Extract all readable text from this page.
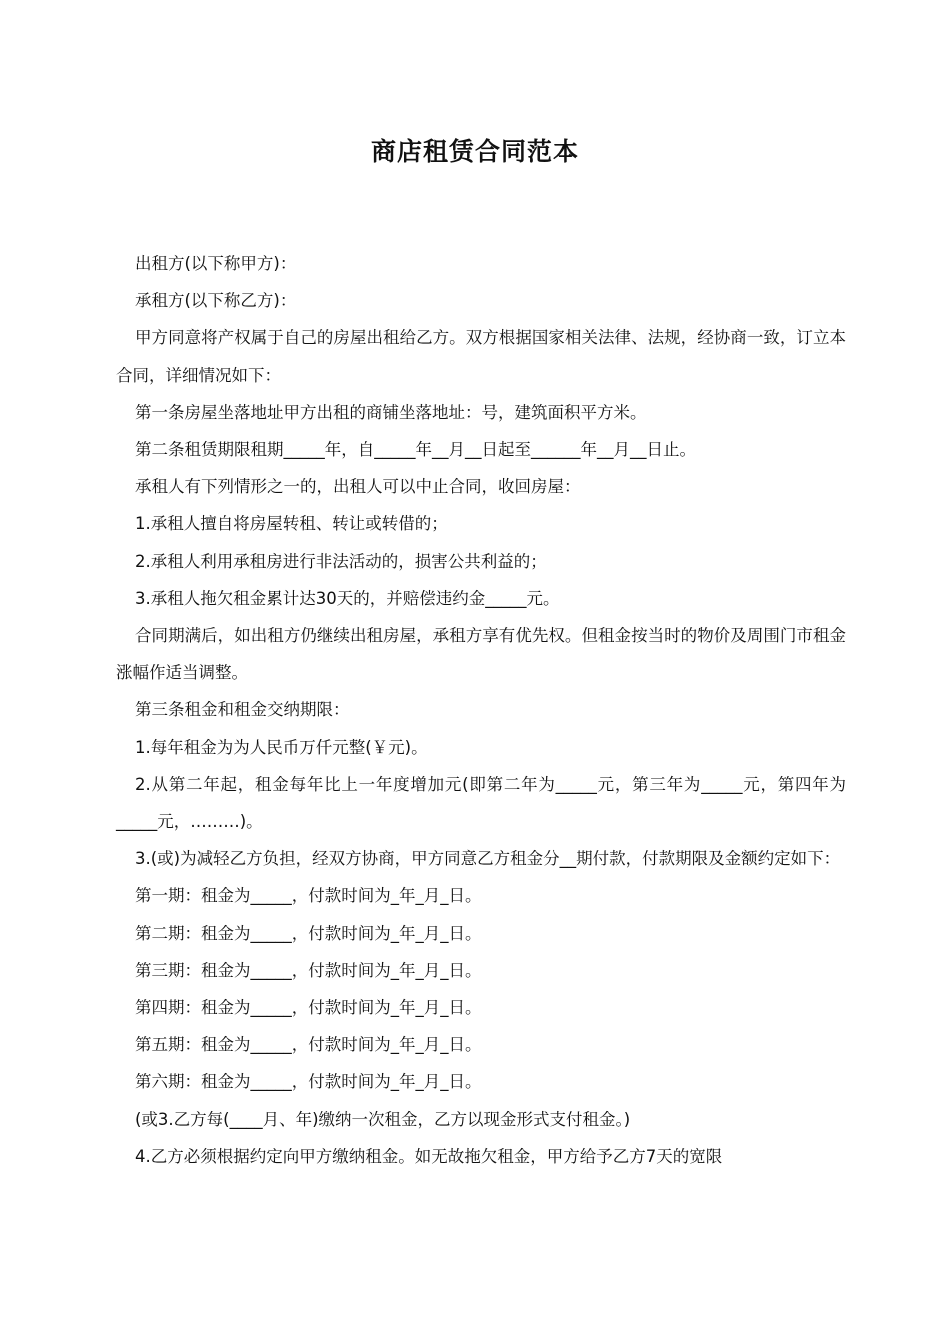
商店租赁合同范本

出租方(以下称甲方)：

承租方(以下称乙方)：

甲方同意将产权属于自己的房屋出租给乙方。双方根据国家相关法律、法规，经协商一致，订立本合同，详细情况如下：

第一条房屋坐落地址甲方出租的商铺坐落地址：号，建筑面积平方米。

第二条租赁期限租期_____年，自_____年__月__日起至______年__月__日止。

承租人有下列情形之一的，出租人可以中止合同，收回房屋：

1.承租人擅自将房屋转租、转让或转借的；

2.承租人利用承租房进行非法活动的，损害公共利益的；

3.承租人拖欠租金累计达30天的，并赔偿违约金_____元。

合同期满后，如出租方仍继续出租房屋，承租方享有优先权。但租金按当时的物价及周围门市租金涨幅作适当调整。

第三条租金和租金交纳期限：

1.每年租金为为人民币万仟元整(￥元)。

2.从第二年起，租金每年比上一年度增加元(即第二年为_____元，第三年为_____元，第四年为_____元，………)。

3.(或)为减轻乙方负担，经双方协商，甲方同意乙方租金分__期付款，付款期限及金额约定如下：

第一期：租金为_____，付款时间为_年_月_日。

第二期：租金为_____，付款时间为_年_月_日。

第三期：租金为_____，付款时间为_年_月_日。

第四期：租金为_____，付款时间为_年_月_日。

第五期：租金为_____，付款时间为_年_月_日。

第六期：租金为_____，付款时间为_年_月_日。

(或3.乙方每(____月、年)缴纳一次租金，乙方以现金形式支付租金。)

4.乙方必须根据约定向甲方缴纳租金。如无故拖欠租金，甲方给予乙方7天的宽限
